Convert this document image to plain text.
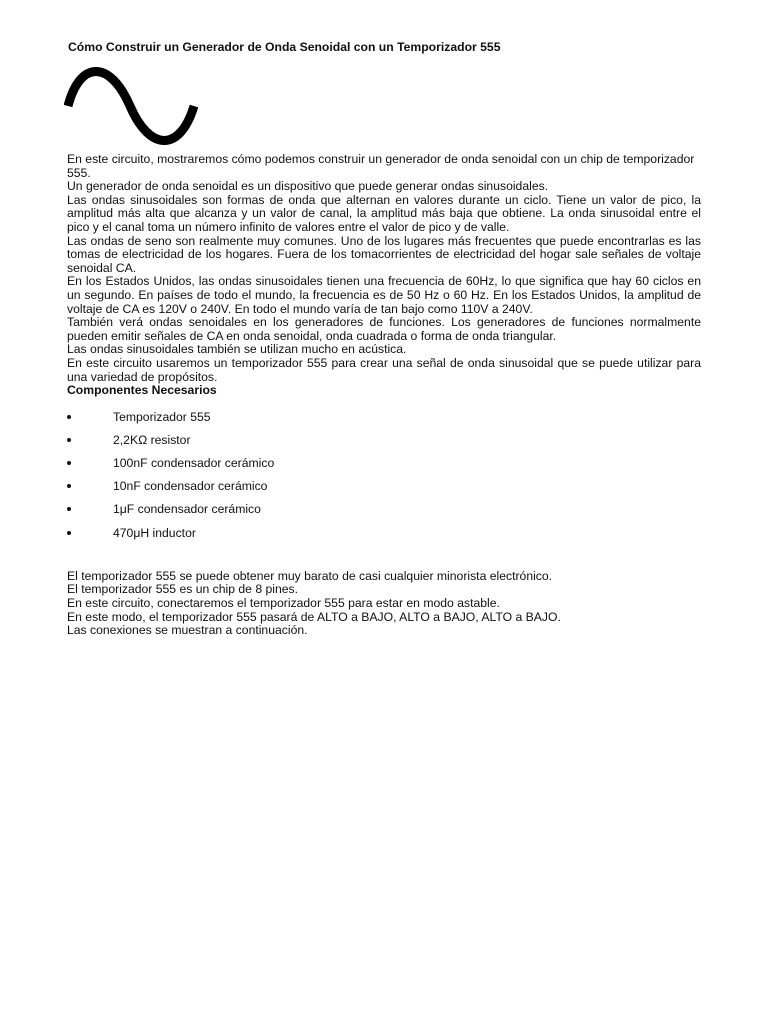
Cómo Construir un Generador de Onda Senoidal con un Temporizador 555

En este circuito, mostraremos cómo podemos construir un generador de onda senoidal con un chip de temporizador 555.

Un generador de onda senoidal es un dispositivo que puede generar ondas sinusoidales.

Las ondas sinusoidales son formas de onda que alternan en valores durante un ciclo. Tiene un valor de pico, la amplitud más alta que alcanza y un valor de canal, la amplitud más baja que obtiene. La onda sinusoidal entre el pico y el canal toma un número infinito de valores entre el valor de pico y de valle.

Las ondas de seno son realmente muy comunes. Uno de los lugares más frecuentes que puede encontrarlas es las tomas de electricidad de los hogares. Fuera de los tomacorrientes de electricidad del hogar sale señales de voltaje senoidal CA.

En los Estados Unidos, las ondas sinusoidales tienen una frecuencia de 60Hz, lo que significa que hay 60 ciclos en un segundo. En países de todo el mundo, la frecuencia es de 50 Hz o 60 Hz. En los Estados Unidos, la amplitud de voltaje de CA es 120V o 240V. En todo el mundo varía de tan bajo como 110V a 240V.

También verá ondas senoidales en los generadores de funciones. Los generadores de funciones normalmente pueden emitir señales de CA en onda senoidal, onda cuadrada o forma de onda triangular.

Las ondas sinusoidales también se utilizan mucho en acústica.

En este circuito usaremos un temporizador 555 para crear una señal de onda sinusoidal que se puede utilizar para una variedad de propósitos.

Componentes Necesarios
Temporizador 555
2,2KΩ resistor
100nF condensador cerámico
10nF condensador cerámico
1μF condensador cerámico
470μH inductor

El temporizador 555 se puede obtener muy barato de casi cualquier minorista electrónico.

El temporizador 555 es un chip de 8 pines.

En este circuito, conectaremos el temporizador 555 para estar en modo astable.

En este modo, el temporizador 555 pasará de ALTO a BAJO, ALTO a BAJO, ALTO a BAJO.

Las conexiones se muestran a continuación.
